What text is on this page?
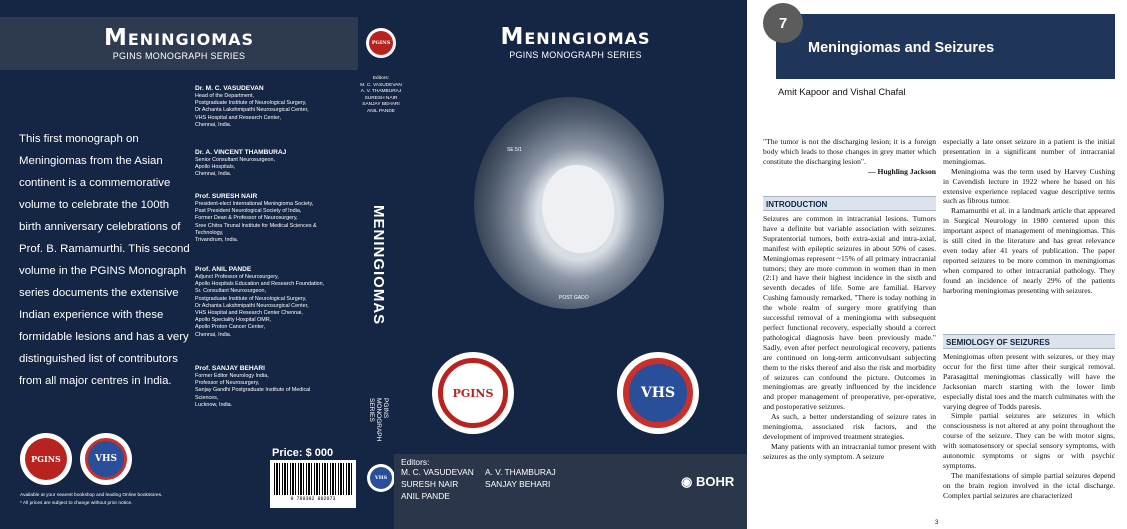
Meningiomas
PGINS MONOGRAPH SERIES
This first monograph on Meningiomas from the Asian continent is a commemorative volume to celebrate the 100th birth anniversary celebrations of Prof. B. Ramamurthi. This second volume in the PGINS Monograph series documents the extensive Indian experience with these formidable lesions and has a very distinguished list of contributors from all major centres in India.
Dr. M. C. VASUDEVAN
Head of the Department,
Postgraduate Institute of Neurological Surgery,
Dr Achanta Lakshmipathi Neurosurgical Center,
VHS Hospital and Research Center,
Chennai, India.
Dr. A. VINCENT THAMBURAJ
Senior Consultant Neurosurgeon,
Apollo Hospitals,
Chennai, India.
Prof. SURESH NAIR
President-elect International Meningioma Society,
Past President Neurological Society of India,
Former Dean & Professor of Neurosurgery,
Sree Chitra Tirunal Institute for Medical Sciences &
Technology,
Trivandrum, India.
Prof. ANIL PANDE
Adjunct Professor of Neurosurgery,
Apollo Hospitals Education and Research Foundation,
Sr. Consultant Neurosurgeon,
Postgraduate Institute of Neurological Surgery,
Dr Achanta Lakshmipathi Neurosurgical Center,
VHS Hospital and Research Center Chennai,
Apollo Speciality Hospital OMR,
Apollo Proton Cancer Center,
Chennai, India.
Prof. SANJAY BEHARI
Former Editor Neurology India,
Professor of Neurosurgery,
Sanjay Gandhi Postgraduate Institute of Medical
Sciences,
Lucknow, India.
PGINS	VHS
Available at your nearest bookshop and leading Online bookstores.
* All prices are subject to change without prior notice.
Price: $ 000
9 789392 892073
PGINS
Editors:
M. C. VASUDEVAN
A. V. THAMBURAJ
SURESH NAIR
SANJAY BEHARI
ANIL PANDE
MENINGIOMAS
PGINS MONOGRAPH SERIES
VHS
Meningiomas
PGINS MONOGRAPH SERIES
SE 5/1
POST GADO
PGINS	VHS
Editors:
M. C. VASUDEVAN
SURESH NAIR
ANIL PANDE
A. V. THAMBURAJ
SANJAY BEHARI	◉ BOHR
7
Meningiomas and Seizures
Amit Kapoor and Vishal Chafal

"The tumor is not the discharging lesion; it is a foreign body which leads to those changes in grey matter which constitute the discharging lesion".

— Hughling Jackson

INTRODUCTION

Seizures are common in intracranial lesions. Tumors have a definite but variable association with seizures. Supratentorial tumors, both extra-axial and intra-axial, manifest with epileptic seizures in about 50% of cases. Meningiomas represent ~15% of all primary intracranial tumors; they are more common in women than in men (2:1) and have their highest incidence in the sixth and seventh decades of life. Some are familial. Harvey Cushing famously remarked, "There is today nothing in the whole realm of surgery more gratifying than successful removal of a meningioma with subsequent perfect functional recovery, especially should a correct pathological diagnosis have been previously made." Sadly, even after perfect neurological recovery, patients are continued on long-term anticonvulsant subjecting them to the risks thereof and also the risk and morbidity of seizures can confound the picture. Outcomes in meningiomas are greatly influenced by the incidence and proper management of preoperative, per-operative, and postoperative seizures.

As such, a better understanding of seizure rates in meningioma, associated risk factors, and the development of improved treatment strategies.

Many patients with an intracranial tumor present with seizures as the only symptom. A seizure

especially a late onset seizure in a patient is the initial presentation in a significant number of intracranial meningiomas.

Meningioma was the term used by Harvey Cushing in Cavendish lecture in 1922 where he based on his extensive experience replaced vague descriptive terms such as fibrous tumor.

Ramamurthi et al. in a landmark article that appeared in Surgical Neurology in 1980 centered upon this important aspect of management of meningiomas. This is still cited in the literature and has great relevance even today after 41 years of publication. The paper reported seizures to be more common in meningiomas when compared to other intracranial pathology. They found an incidence of nearly 29% of the patients harboring meningiomas presenting with seizures.

SEMIOLOGY OF SEIZURES

Meningiomas often present with seizures, or they may occur for the first time after their surgical removal. Parasagittal meningiomas classically will have the Jacksonian march starting with the lower limb especially distal toes and the march culminates with the varying degree of Todds paresis.

Simple partial seizures are seizures in which consciousness is not altered at any point throughout the course of the seizure. They can be with motor signs, with somatosensory or special sensory symptoms, with autonomic symptoms or signs or with psychic symptoms.

The manifestations of simple partial seizures depend on the brain region involved in the ictal discharge. Complex partial seizures are characterized

3
